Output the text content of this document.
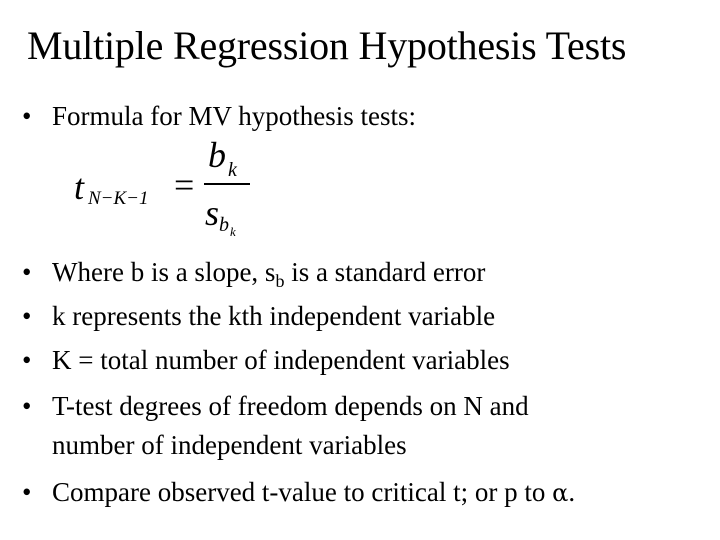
Multiple Regression Hypothesis Tests
• Formula for MV hypothesis tests:
t N−K−1 =
b k
s b k
• Where b is a slope, $s_b$ is a standard error
• k represents the kth independent variable
• K = total number of independent variables
• T-test degrees of freedom depends on N and
number of independent variables
• Compare observed t-value to critical t; or p to α.
